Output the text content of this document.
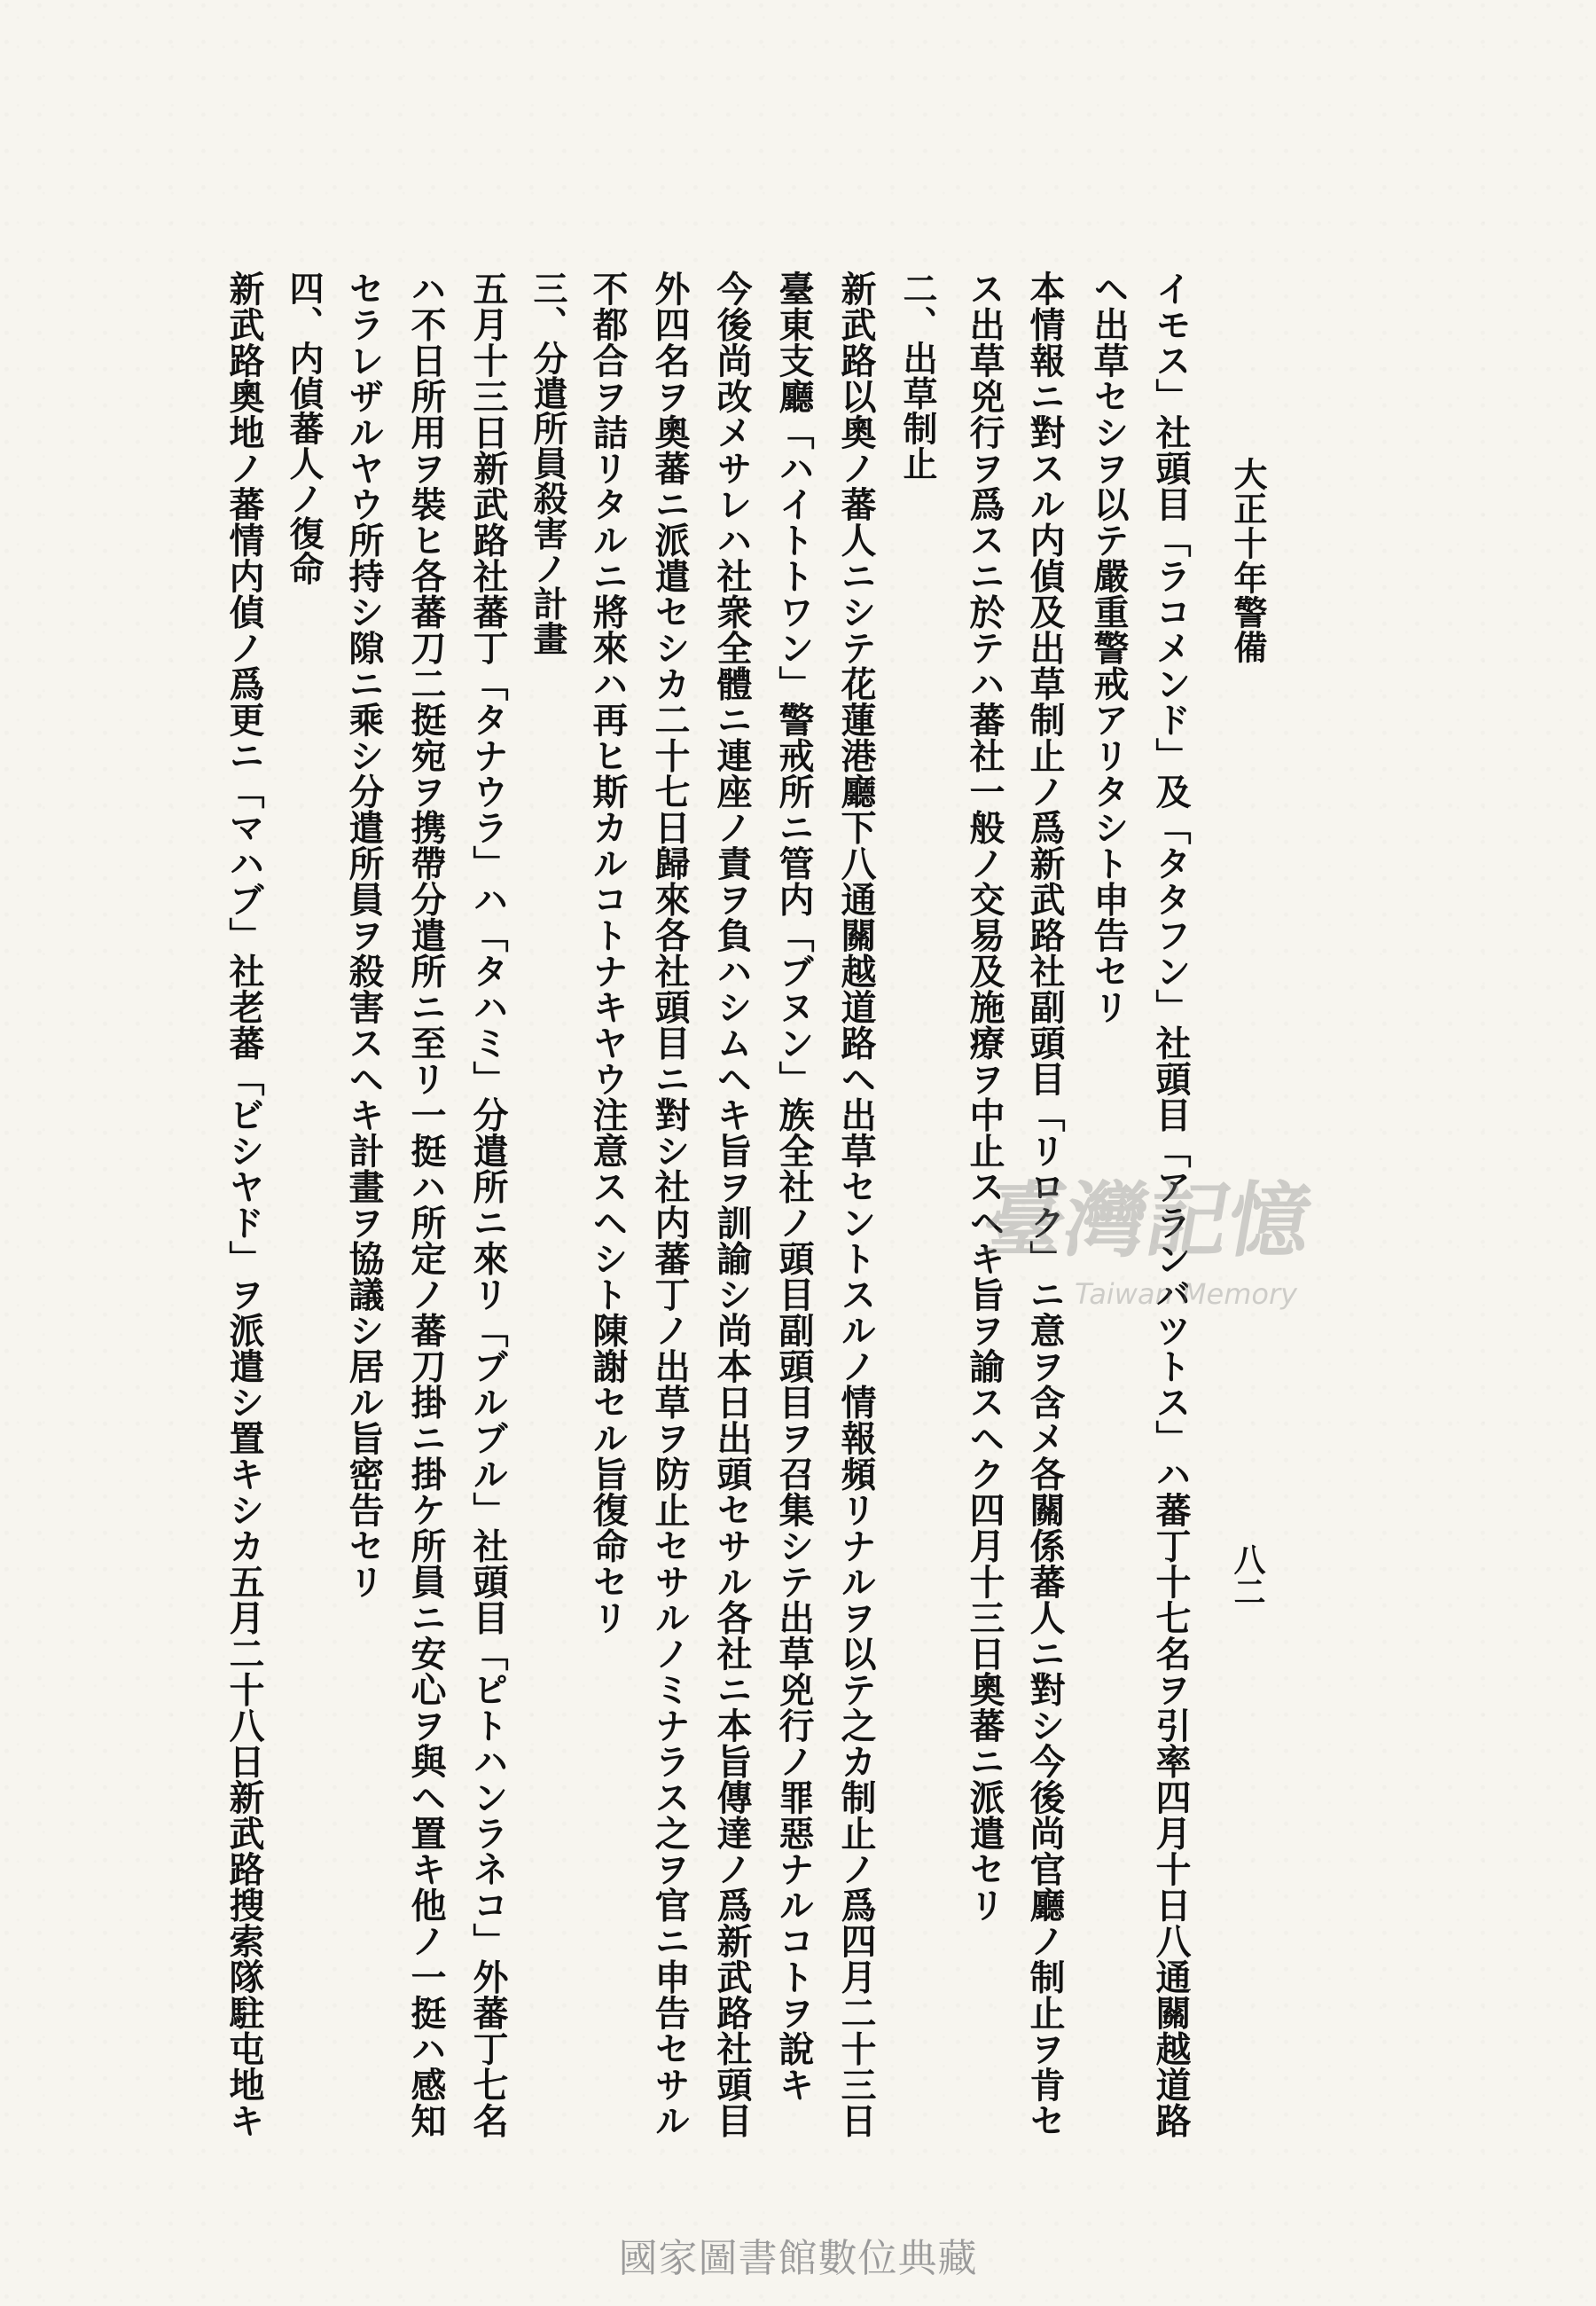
大正十年警備
八二
イモス」社頭目「ラコメンド」及「タタフン」社頭目「アランバツトス」ハ蕃丁十七名ヲ引率四月十日八通關越道路
ヘ出草セシヲ以テ嚴重警戒アリタシト申告セリ
本情報ニ對スル内偵及出草制止ノ爲新武路社副頭目「リロク」ニ意ヲ含メ各關係蕃人ニ對シ今後尚官廳ノ制止ヲ肯セ
ス出草兇行ヲ爲スニ於テハ蕃社一般ノ交易及施療ヲ中止スヘキ旨ヲ諭スヘク四月十三日奧蕃ニ派遣セリ
二、出草制止
新武路以奧ノ蕃人ニシテ花蓮港廳下八通關越道路ヘ出草セントスルノ情報頻リナルヲ以テ之カ制止ノ爲四月二十三日
臺東支廳「ハイトトワン」警戒所ニ管内「ブヌン」族全社ノ頭目副頭目ヲ召集シテ出草兇行ノ罪惡ナルコトヲ說キ
今後尚改メサレハ社衆全體ニ連座ノ責ヲ負ハシムヘキ旨ヲ訓諭シ尚本日出頭セサル各社ニ本旨傳達ノ爲新武路社頭目
外四名ヲ奧蕃ニ派遣セシカ二十七日歸來各社頭目ニ對シ社内蕃丁ノ出草ヲ防止セサルノミナラス之ヲ官ニ申告セサル
不都合ヲ詰リタルニ將來ハ再ヒ斯カルコトナキヤウ注意スヘシト陳謝セル旨復命セリ
三、分遣所員殺害ノ計畫
五月十三日新武路社蕃丁「タナウラ」ハ「タハミ」分遣所ニ來リ「ブルブル」社頭目「ピトハンラネコ」外蕃丁七名
ハ不日所用ヲ裝ヒ各蕃刀二挺宛ヲ携帶分遣所ニ至リ一挺ハ所定ノ蕃刀掛ニ掛ケ所員ニ安心ヲ與ヘ置キ他ノ一挺ハ感知
セラレザルヤウ所持シ隙ニ乘シ分遣所員ヲ殺害スヘキ計畫ヲ協議シ居ル旨密告セリ
四、内偵蕃人ノ復命
新武路奧地ノ蕃情内偵ノ爲更ニ「マハブ」社老蕃「ビシヤド」ヲ派遣シ置キシカ五月二十八日新武路搜索隊駐屯地キ	臺灣記憶
Taiwan Memory
國家圖書館數位典藏
